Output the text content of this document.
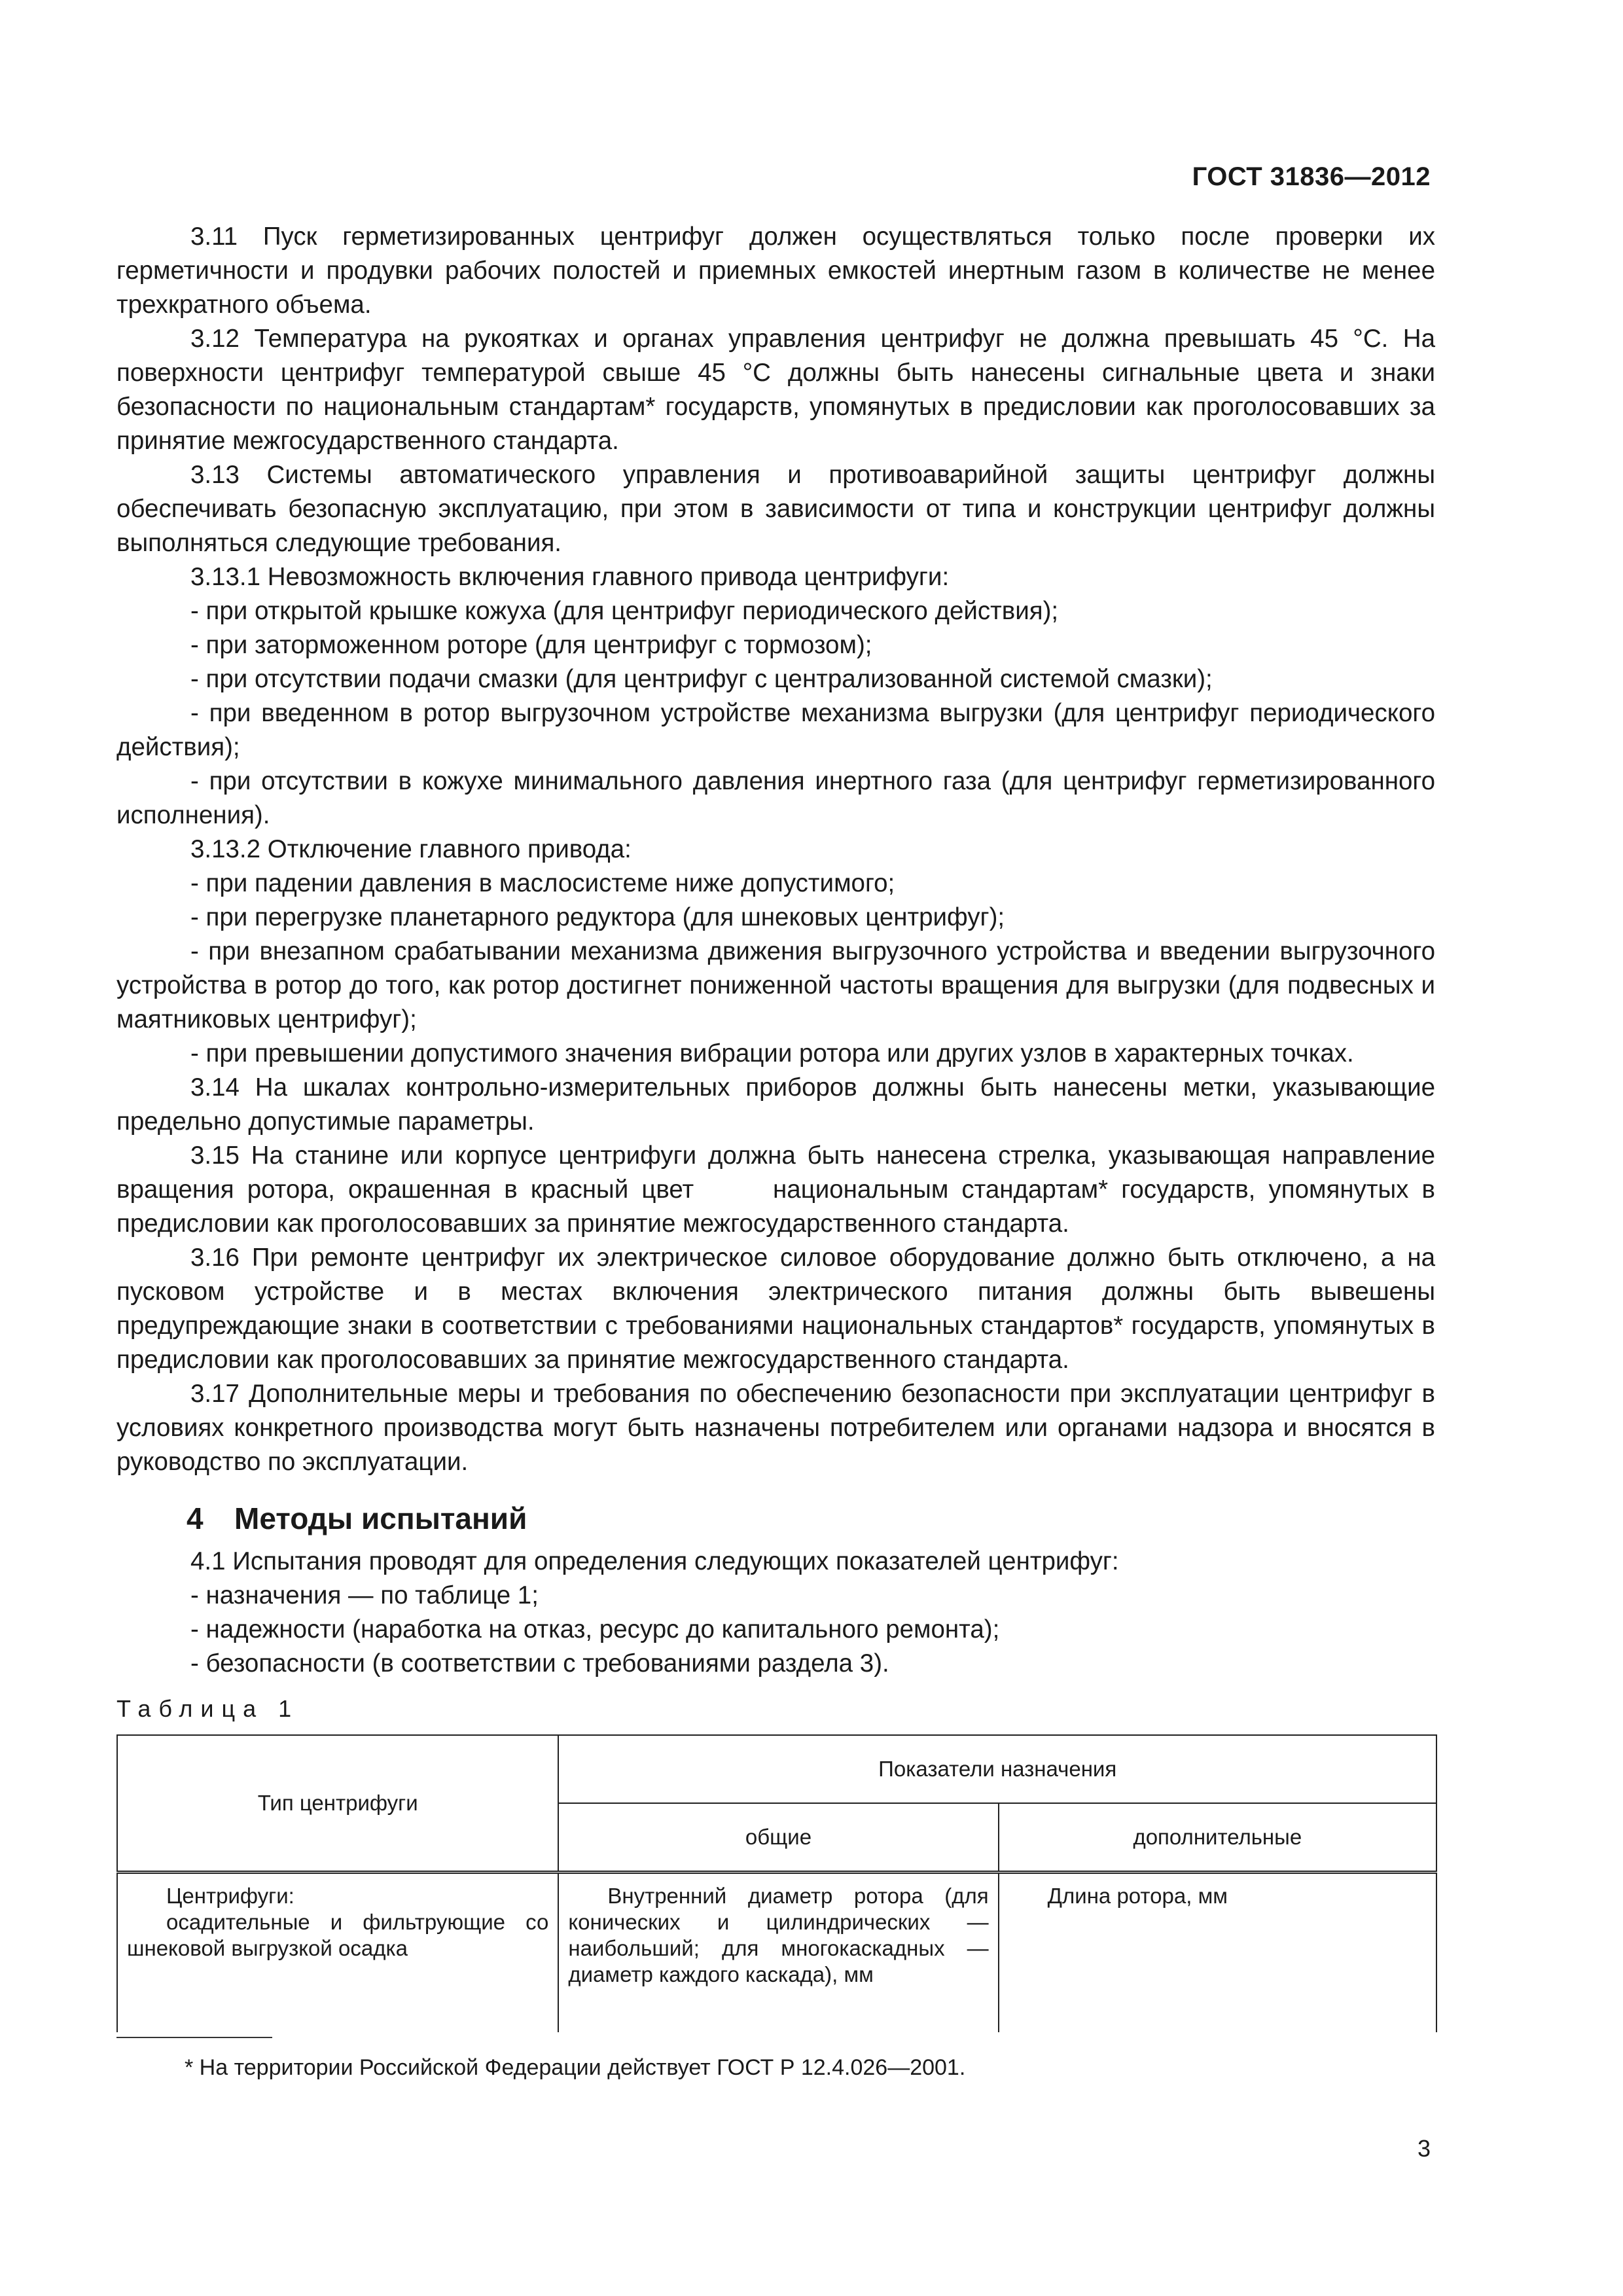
ГОСТ 31836—2012

3.11 Пуск герметизированных центрифуг должен осуществляться только после проверки их герметичности и продувки рабочих полостей и приемных емкостей инертным газом в количестве не менее трехкратного объема.

3.12 Температура на рукоятках и органах управления центрифуг не должна превышать 45 °С. На поверхности центрифуг температурой свыше 45 °С должны быть нанесены сигнальные цвета и знаки безопасности по национальным стандартам* государств, упомянутых в предисловии как проголосовавших за принятие межгосударственного стандарта.

3.13 Системы автоматического управления и противоаварийной защиты центрифуг должны обеспечивать безопасную эксплуатацию, при этом в зависимости от типа и конструкции центрифуг должны выполняться следующие требования.

3.13.1 Невозможность включения главного привода центрифуги:

- при открытой крышке кожуха (для центрифуг периодического действия);

- при заторможенном роторе (для центрифуг с тормозом);

- при отсутствии подачи смазки (для центрифуг с централизованной системой смазки);

- при введенном в ротор выгрузочном устройстве механизма выгрузки (для центрифуг периодического действия);

- при отсутствии в кожухе минимального давления инертного газа (для центрифуг герметизированного исполнения).

3.13.2 Отключение главного привода:

- при падении давления в маслосистеме ниже допустимого;

- при перегрузке планетарного редуктора (для шнековых центрифуг);

- при внезапном срабатывании механизма движения выгрузочного устройства и введении выгрузочного устройства в ротор до того, как ротор достигнет пониженной частоты вращения для выгрузки (для подвесных и маятниковых центрифуг);

- при превышении допустимого значения вибрации ротора или других узлов в характерных точках.

3.14 На шкалах контрольно-измерительных приборов должны быть нанесены метки, указывающие предельно допустимые параметры.

3.15 На станине или корпусе центрифуги должна быть нанесена стрелка, указывающая направление вращения ротора, окрашенная в красный цвет      национальным стандартам* государств, упомянутых в предисловии как проголосовавших за принятие межгосударственного стандарта.

3.16 При ремонте центрифуг их электрическое силовое оборудование должно быть отключено, а на пусковом устройстве и в местах включения электрического питания должны быть вывешены предупреждающие знаки в соответствии с требованиями национальных стандартов* государств, упомянутых в предисловии как проголосовавших за принятие межгосударственного стандарта.

3.17 Дополнительные меры и требования по обеспечению безопасности при эксплуатации центрифуг в условиях конкретного производства могут быть назначены потребителем или органами надзора и вносятся в руководство по эксплуатации.

4 Методы испытаний

4.1 Испытания проводят для определения следующих показателей центрифуг:

- назначения — по таблице 1;

- надежности (наработка на отказ, ресурс до капитального ремонта);

- безопасности (в соответствии с требованиями раздела 3).

Таблица 1
Тип центрифуги	Показатели назначения	
	общие	дополнительные

Центрифуги:
осадительные и фильтрующие со шнековой выгрузкой осадка	Внутренний диаметр ротора (для конических и цилиндрических — наибольший; для многокаскадных — диаметр каждого каскада), мм	Длина ротора, мм
* На территории Российской Федерации действует ГОСТ Р 12.4.026—2001.
3
